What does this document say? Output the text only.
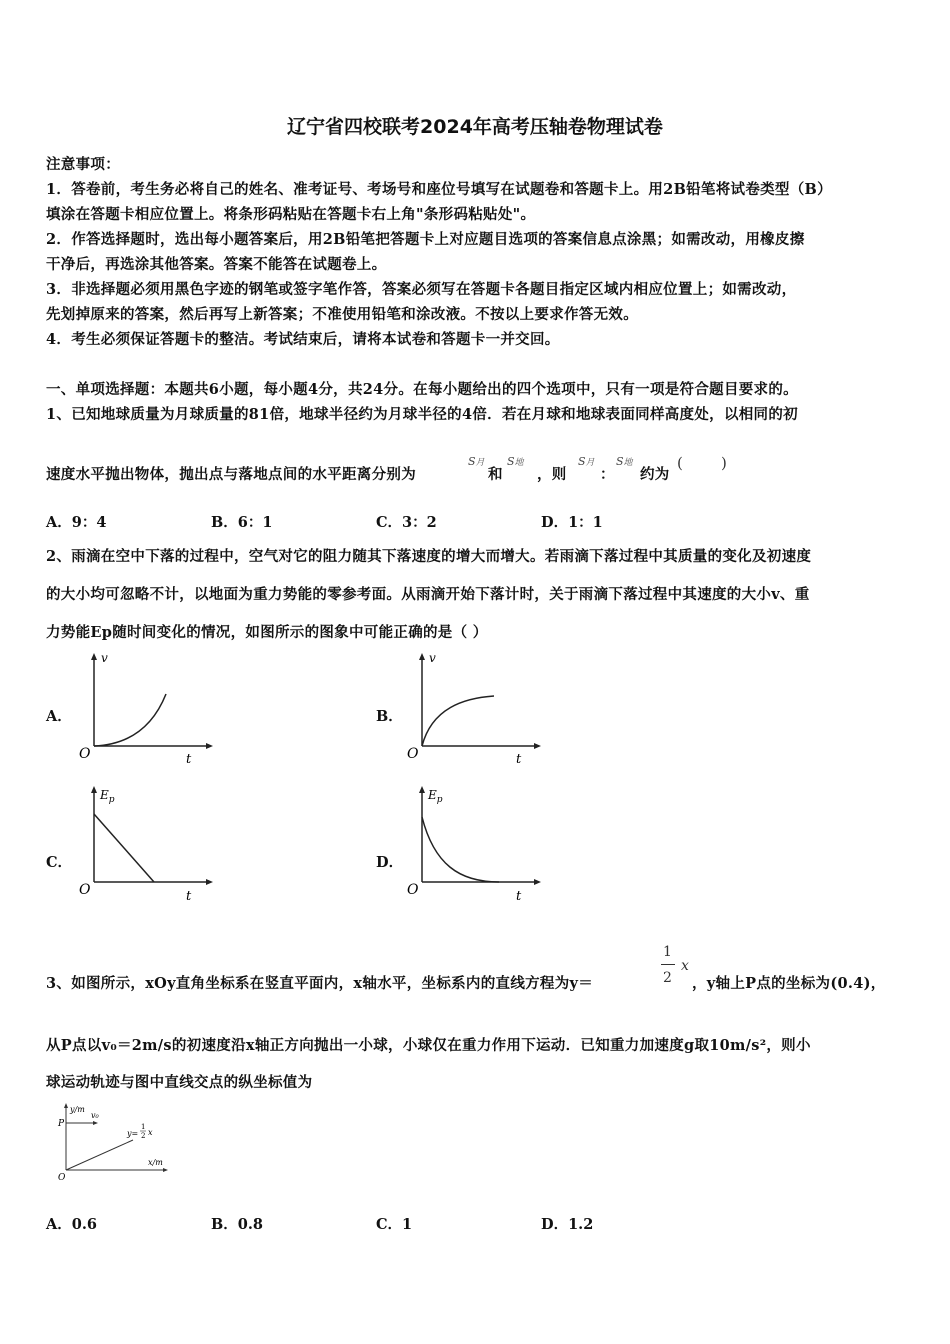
辽宁省四校联考2024年高考压轴卷物理试卷
注意事项：
1．答卷前，考生务必将自己的姓名、准考证号、考场号和座位号填写在试题卷和答题卡上。用2B铅笔将试卷类型（B）
填涂在答题卡相应位置上。将条形码粘贴在答题卡右上角"条形码粘贴处"。
2．作答选择题时，选出每小题答案后，用2B铅笔把答题卡上对应题目选项的答案信息点涂黑；如需改动，用橡皮擦
干净后，再选涂其他答案。答案不能答在试题卷上。
3．非选择题必须用黑色字迹的钢笔或签字笔作答，答案必须写在答题卡各题目指定区域内相应位置上；如需改动，
先划掉原来的答案，然后再写上新答案；不准使用铅笔和涂改液。不按以上要求作答无效。
4．考生必须保证答题卡的整洁。考试结束后，请将本试卷和答题卡一并交回。
一、单项选择题：本题共6小题，每小题4分，共24分。在每小题给出的四个选项中，只有一项是符合题目要求的。
1、已知地球质量为月球质量的81倍，地球半径约为月球半径的4倍．若在月球和地球表面同样高度处，以相同的初
速度水平抛出物体，抛出点与落地点间的水平距离分别为
S月
和
S地
，则
S月
：
S地
约为
(	)
A．9：4	B．6：1	C．3：2	D．1：1
2、雨滴在空中下落的过程中，空气对它的阻力随其下落速度的增大而增大。若雨滴下落过程中其质量的变化及初速度
的大小均可忽略不计，以地面为重力势能的零参考面。从雨滴开始下落计时，关于雨滴下落过程中其速度的大小v、重
力势能Ep随时间变化的情况，如图所示的图象中可能正确的是（ ）
A．
v
O	t
B．
v
O	t
C．
$E_p$
O	t
D．
$E_p$
O	t
3、如图所示，xOy直角坐标系在竖直平面内，x轴水平，坐标系内的直线方程为y＝
1
2
x
，y轴上P点的坐标为(0.4)，
从P点以v₀＝2m/s的初速度沿x轴正方向抛出一小球，小球仅在重力作用下运动．已知重力加速度g取10m/s²，则小
球运动轨迹与图中直线交点的纵坐标值为
y/m
x/m
P
v₀
O
y=
1
2 x
A．0.6	B．0.8	C．1	D．1.2
